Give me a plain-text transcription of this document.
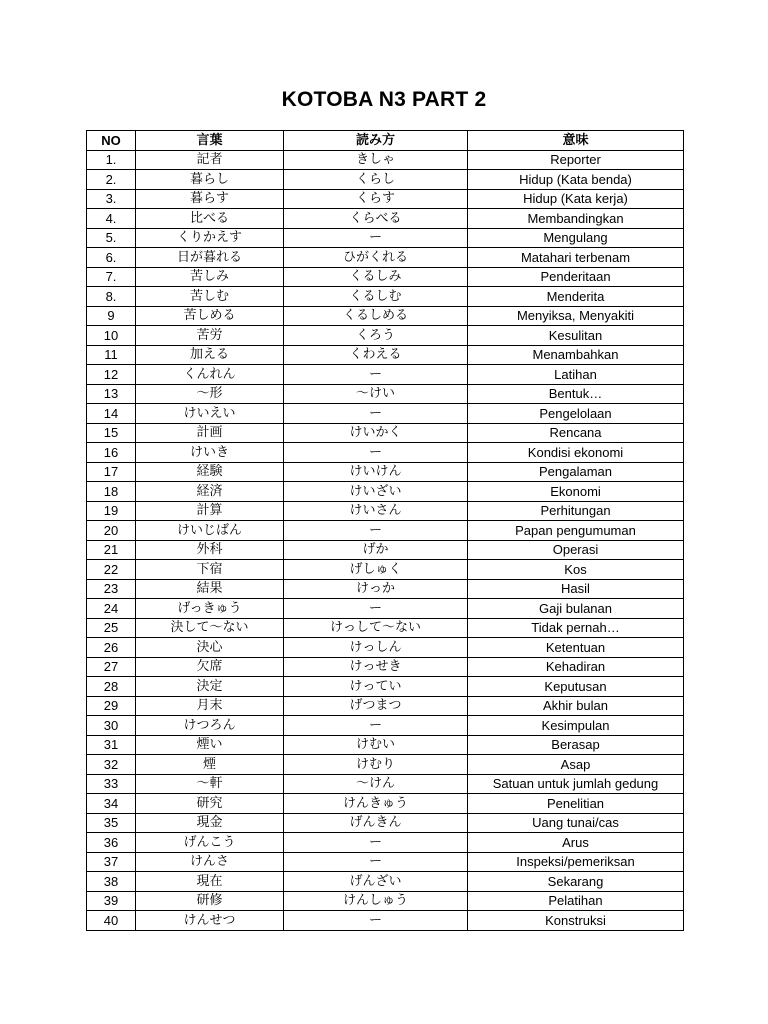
KOTOBA N3 PART 2
NO	言葉	読み方	意味
1.	記者	きしゃ	Reporter
2.	暮らし	くらし	Hidup (Kata benda)
3.	暮らす	くらす	Hidup (Kata kerja)
4.	比べる	くらべる	Membandingkan
5.	くりかえす	ー	Mengulang
6.	日が暮れる	ひがくれる	Matahari terbenam
7.	苦しみ	くるしみ	Penderitaan
8.	苦しむ	くるしむ	Menderita
9	苦しめる	くるしめる	Menyiksa, Menyakiti
10	苦労	くろう	Kesulitan
11	加える	くわえる	Menambahkan
12	くんれん	ー	Latihan
13	～形	～けい	Bentuk…
14	けいえい	ー	Pengelolaan
15	計画	けいかく	Rencana
16	けいき	ー	Kondisi ekonomi
17	経験	けいけん	Pengalaman
18	経済	けいざい	Ekonomi
19	計算	けいさん	Perhitungan
20	けいじばん	ー	Papan pengumuman
21	外科	げか	Operasi
22	下宿	げしゅく	Kos
23	結果	けっか	Hasil
24	げっきゅう	ー	Gaji bulanan
25	決して～ない	けっして～ない	Tidak pernah…
26	決心	けっしん	Ketentuan
27	欠席	けっせき	Kehadiran
28	決定	けってい	Keputusan
29	月末	げつまつ	Akhir bulan
30	けつろん	ー	Kesimpulan
31	煙い	けむい	Berasap
32	煙	けむり	Asap
33	～軒	～けん	Satuan untuk jumlah gedung
34	研究	けんきゅう	Penelitian
35	現金	げんきん	Uang tunai/cas
36	げんこう	ー	Arus
37	けんさ	ー	Inspeksi/pemeriksan
38	現在	げんざい	Sekarang
39	研修	けんしゅう	Pelatihan
40	けんせつ	ー	Konstruksi
